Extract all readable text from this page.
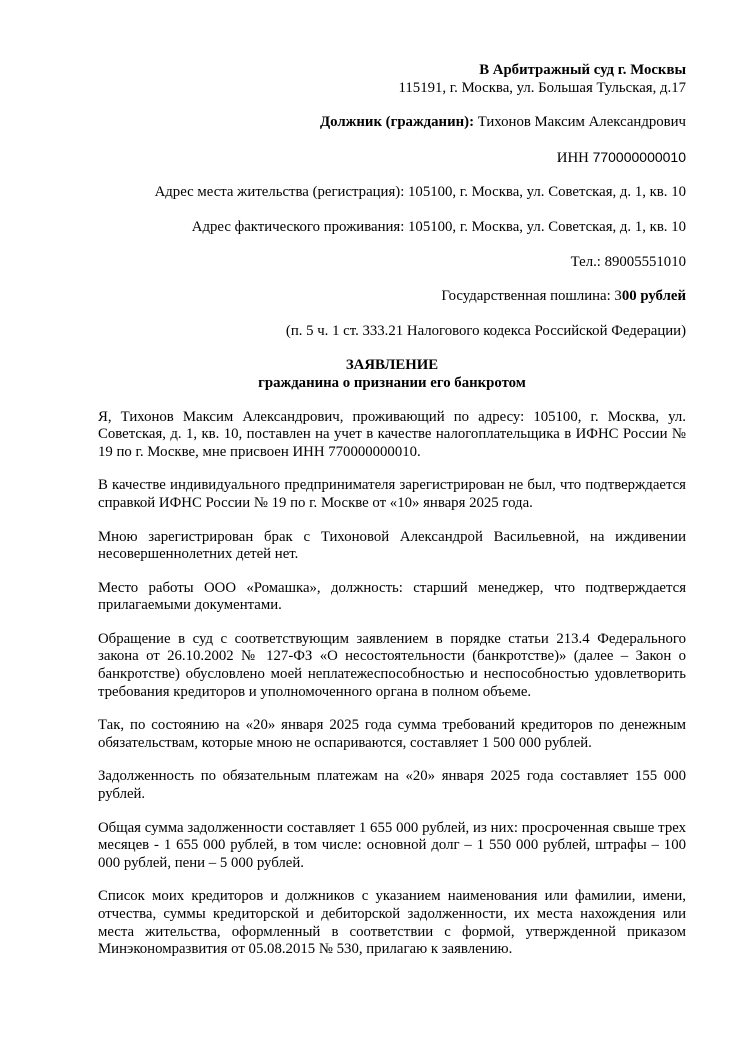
В Арбитражный суд г. Москвы

115191, г. Москва, ул. Большая Тульская, д.17

Должник (гражданин): Тихонов Максим Александрович

ИНН 770000000010

Адрес места жительства (регистрация): 105100, г. Москва, ул. Советская, д. 1, кв. 10

Адрес фактического проживания: 105100, г. Москва, ул. Советская, д. 1, кв. 10

Тел.: 89005551010

Государственная пошлина: 300 рублей

(п. 5 ч. 1 ст. 333.21 Налогового кодекса Российской Федерации)

ЗАЯВЛЕНИЕ
гражданина о признании его банкротом

Я, Тихонов Максим Александрович, проживающий по адресу: 105100, г. Москва, ул. Советская, д. 1, кв. 10, поставлен на учет в качестве налогоплательщика в ИФНС России № 19 по г. Москве, мне присвоен ИНН 770000000010.

В качестве индивидуального предпринимателя зарегистрирован не был, что подтверждается справкой ИФНС России № 19 по г. Москве от «10» января 2025 года.

Мною зарегистрирован брак с Тихоновой Александрой Васильевной, на иждивении несовершеннолетних детей нет.

Место работы ООО «Ромашка», должность: старший менеджер, что подтверждается прилагаемыми документами.

Обращение в суд с соответствующим заявлением в порядке статьи 213.4 Федерального закона от 26.10.2002 № 127-ФЗ «О несостоятельности (банкротстве)» (далее – Закон о банкротстве) обусловлено моей неплатежеспособностью и неспособностью удовлетворить требования кредиторов и уполномоченного органа в полном объеме.

Так, по состоянию на «20» января 2025 года сумма требований кредиторов по денежным обязательствам, которые мною не оспариваются, составляет 1 500 000 рублей.

Задолженность по обязательным платежам на «20» января 2025 года составляет 155 000 рублей.

Общая сумма задолженности составляет 1 655 000 рублей, из них: просроченная свыше трех месяцев - 1 655 000 рублей, в том числе: основной долг – 1 550 000 рублей, штрафы – 100 000 рублей, пени – 5 000 рублей.

Список моих кредиторов и должников с указанием наименования или фамилии, имени, отчества, суммы кредиторской и дебиторской задолженности, их места нахождения или места жительства, оформленный в соответствии с формой, утвержденной приказом Минэкономразвития от 05.08.2015 № 530, прилагаю к заявлению.
